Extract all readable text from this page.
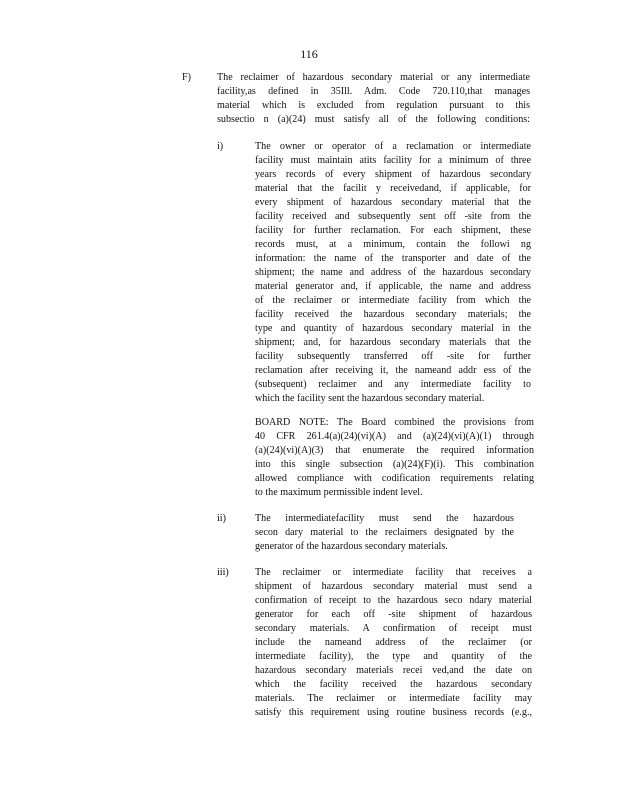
116
F)	The reclaimer of hazardous secondary material or any intermediate
facility,as defined in 35Ill. Adm. Code 720.110,that manages
material which is excluded from regulation pursuant to this
subsectio n (a)(24) must satisfy all of the following conditions:
i)	The owner or operator of a reclamation or intermediate
facility must maintain atits facility for a minimum of three
years records of every shipment of hazardous secondary
material that the facilit y receivedand, if applicable, for
every shipment of hazardous secondary material that the
facility received and subsequently sent off -site from the
facility for further reclamation. For each shipment, these
records must, at a minimum, contain the followi ng
information: the name of the transporter and date of the
shipment; the name and address of the hazardous secondary
material generator and, if applicable, the name and address
of the reclaimer or intermediate facility from which the
facility received the hazardous secondary materials; the
type and quantity of hazardous secondary material in the
shipment; and, for hazardous secondary materials that the
facility subsequently transferred off -site for further
reclamation after receiving it, the nameand addr ess of the
(subsequent) reclaimer and any intermediate facility to
which the facility sent the hazardous secondary material.
BOARD NOTE: The Board combined the provisions from
40 CFR 261.4(a)(24)(vi)(A) and (a)(24)(vi)(A)(1) through
(a)(24)(vi)(A)(3) that enumerate the required information
into this single subsection (a)(24)(F)(i). This combination
allowed compliance with codification requirements relating
to the maximum permissible indent level.
ii)	The intermediatefacility must send the hazardous
secon dary material to the reclaimers designated by the
generator of the hazardous secondary materials.
iii)	The reclaimer or intermediate facility that receives a
shipment of hazardous secondary material must send a
confirmation of receipt to the hazardous seco ndary material
generator for each off -site shipment of hazardous
secondary materials. A confirmation of receipt must
include the nameand address of the reclaimer (or
intermediate facility), the type and quantity of the
hazardous secondary materials recei ved,and the date on
which the facility received the hazardous secondary
materials. The reclaimer or intermediate facility may
satisfy this requirement using routine business records (e.g.,
